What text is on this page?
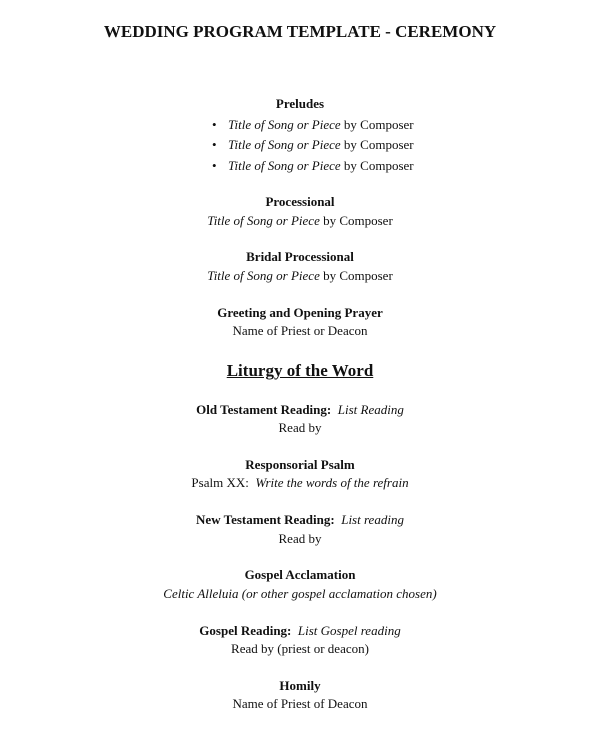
WEDDING PROGRAM TEMPLATE - CEREMONY
Preludes
• Title of Song or Piece by Composer
• Title of Song or Piece by Composer
• Title of Song or Piece by Composer
Processional
Title of Song or Piece by Composer
Bridal Processional
Title of Song or Piece by Composer
Greeting and Opening Prayer
Name of Priest or Deacon
Liturgy of the Word
Old Testament Reading: List Reading
Read by
Responsorial Psalm
Psalm XX: Write the words of the refrain
New Testament Reading: List reading
Read by
Gospel Acclamation
Celtic Alleluia (or other gospel acclamation chosen)
Gospel Reading: List Gospel reading
Read by (priest or deacon)
Homily
Name of Priest of Deacon
